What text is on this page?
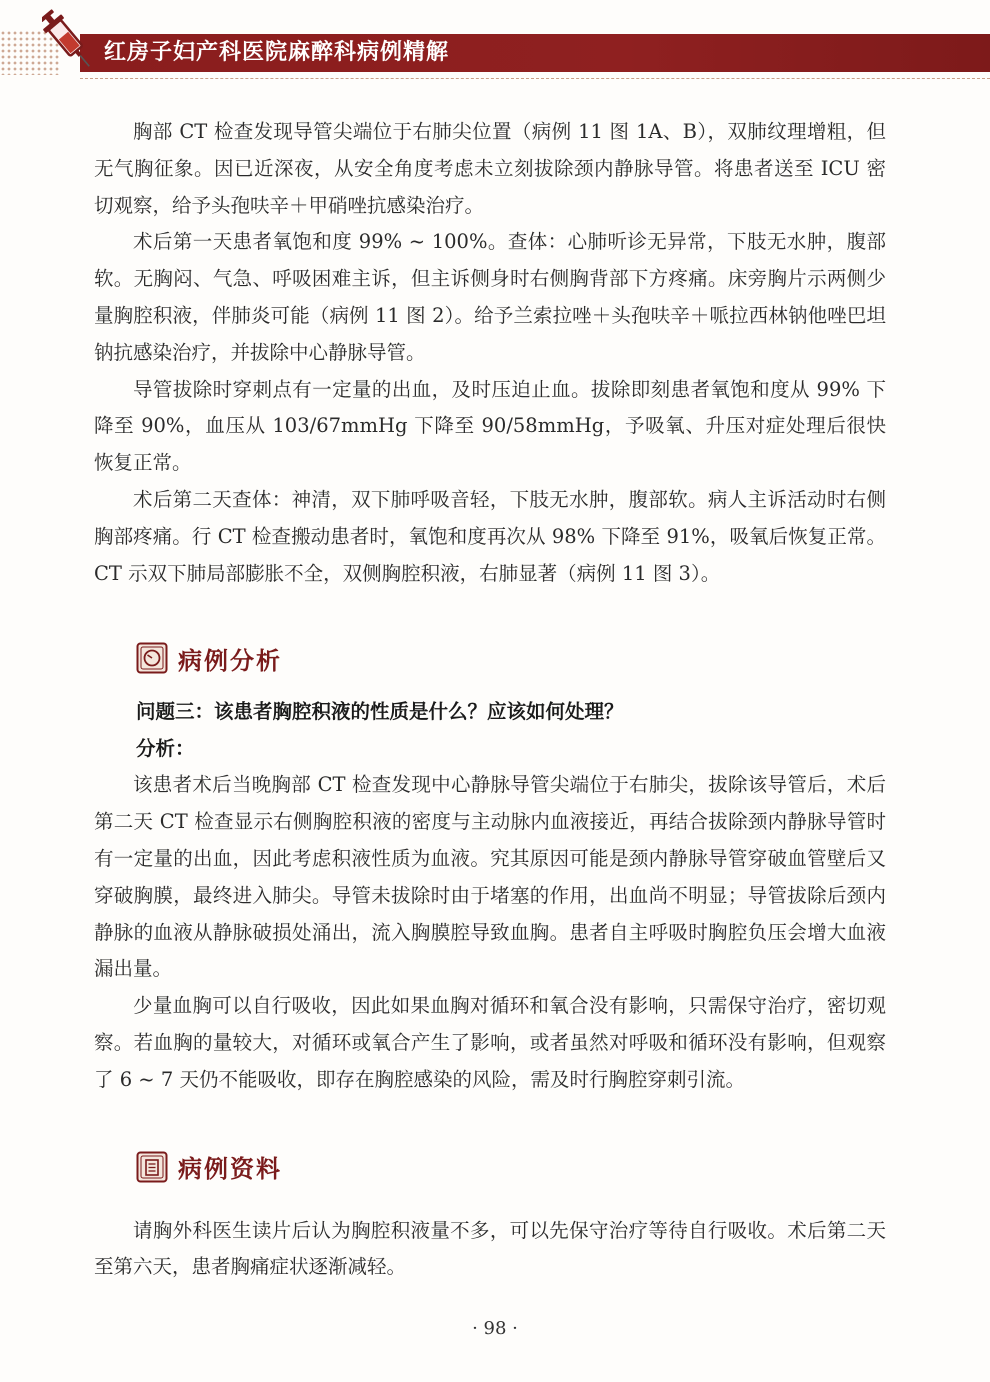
红房子妇产科医院麻醉科病例精解

胸部 CT 检查发现导管尖端位于右肺尖位置（病例 11 图 1A、B），双肺纹理增粗，但无气胸征象。因已近深夜，从安全角度考虑未立刻拔除颈内静脉导管。将患者送至 ICU 密切观察，给予头孢呋辛＋甲硝唑抗感染治疗。

术后第一天患者氧饱和度 99% ~ 100%。查体：心肺听诊无异常，下肢无水肿，腹部软。无胸闷、气急、呼吸困难主诉，但主诉侧身时右侧胸背部下方疼痛。床旁胸片示两侧少量胸腔积液，伴肺炎可能（病例 11 图 2）。给予兰索拉唑＋头孢呋辛＋哌拉西林钠他唑巴坦钠抗感染治疗，并拔除中心静脉导管。

导管拔除时穿刺点有一定量的出血，及时压迫止血。拔除即刻患者氧饱和度从 99% 下降至 90%，血压从 103/67mmHg 下降至 90/58mmHg，予吸氧、升压对症处理后很快恢复正常。

术后第二天查体：神清，双下肺呼吸音轻，下肢无水肿，腹部软。病人主诉活动时右侧胸部疼痛。行 CT 检查搬动患者时，氧饱和度再次从 98% 下降至 91%，吸氧后恢复正常。CT 示双下肺局部膨胀不全，双侧胸腔积液，右肺显著（病例 11 图 3）。

病例分析
问题三：该患者胸腔积液的性质是什么？应该如何处理？
分析：

该患者术后当晚胸部 CT 检查发现中心静脉导管尖端位于右肺尖，拔除该导管后，术后第二天 CT 检查显示右侧胸腔积液的密度与主动脉内血液接近，再结合拔除颈内静脉导管时有一定量的出血，因此考虑积液性质为血液。究其原因可能是颈内静脉导管穿破血管壁后又穿破胸膜，最终进入肺尖。导管未拔除时由于堵塞的作用，出血尚不明显；导管拔除后颈内静脉的血液从静脉破损处涌出，流入胸膜腔导致血胸。患者自主呼吸时胸腔负压会增大血液漏出量。

少量血胸可以自行吸收，因此如果血胸对循环和氧合没有影响，只需保守治疗，密切观察。若血胸的量较大，对循环或氧合产生了影响，或者虽然对呼吸和循环没有影响，但观察了 6 ~ 7 天仍不能吸收，即存在胸腔感染的风险，需及时行胸腔穿刺引流。

病例资料

请胸外科医生读片后认为胸腔积液量不多，可以先保守治疗等待自行吸收。术后第二天至第六天，患者胸痛症状逐渐减轻。

· 98 ·
